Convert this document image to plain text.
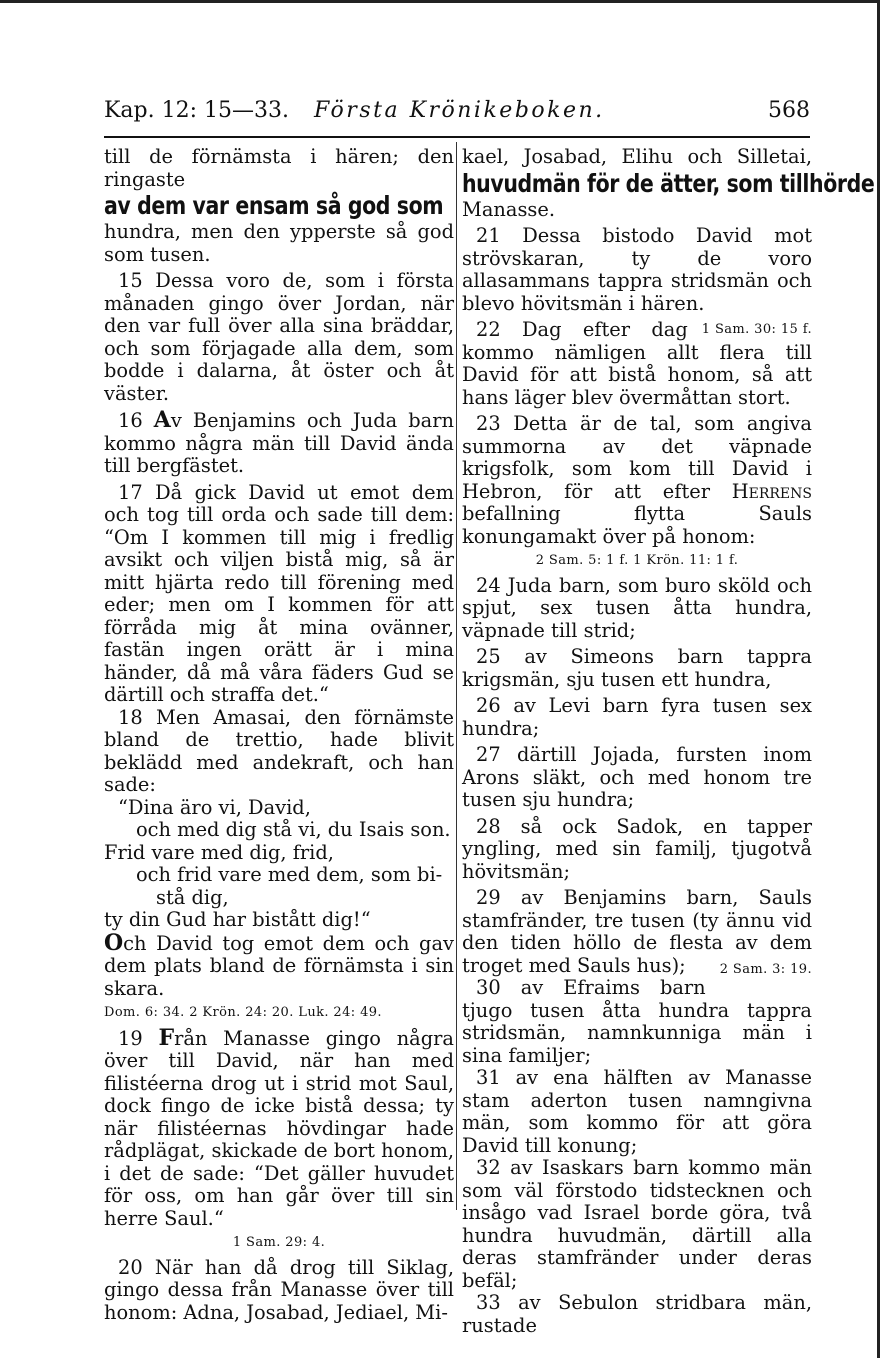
Kap. 12: 15—33. Första Krönikeboken.	568

till de förnämsta i hären; den ringaste

av dem var ensam så god som

hundra, men den ypperste så god som tusen.

15 Dessa voro de, som i första månaden gingo över Jordan, när den var full över alla sina bräddar, och som förjagade alla dem, som bodde i dalarna, åt öster och åt väster.

16 Av Benjamins och Juda barn kommo några män till David ända till bergfästet.

17 Då gick David ut emot dem och tog till orda och sade till dem: “Om I kommen till mig i fredlig avsikt och viljen bistå mig, så är mitt hjärta redo till förening med eder; men om I kommen för att förråda mig åt mina ovänner, fastän ingen orätt är i mina händer, då må våra fäders Gud se därtill och straffa det.“

18 Men Amasai, den förnämste bland de trettio, hade blivit beklädd med andekraft, och han sade:

“Dina äro vi, David,

och med dig stå vi, du Isais son.

Frid vare med dig, frid,

och frid vare med dem, som bi-

stå dig,

ty din Gud har bistått dig!“

Och David tog emot dem och gav dem plats bland de förnämsta i sin skara.

Dom. 6: 34. 2 Krön. 24: 20. Luk. 24: 49.

19 Från Manasse gingo några över till David, när han med filistéerna drog ut i strid mot Saul, dock fingo de icke bistå dessa; ty när filistéernas hövdingar hade rådplägat, skickade de bort honom, i det de sade: “Det gäller huvudet för oss, om han går över till sin herre Saul.“

1 Sam. 29: 4.

20 När han då drog till Siklag, gingo dessa från Manasse över till honom: Adna, Josabad, Jediael, Mi-

kael, Josabad, Elihu och Silletai,

huvudmän för de ätter, som tillhörde

Manasse.

21 Dessa bistodo David mot strövskaran, ty de voro allasammans tappra stridsmän och blevo hövitsmän i hären.
1 Sam. 30: 15 f.

22 Dag efter dag kommo nämligen allt flera till David för att bistå honom, så att hans läger blev övermåttan stort.

23 Detta är de tal, som angiva summorna av det väpnade krigsfolk, som kom till David i Hebron, för att efter Herrens befallning flytta Sauls konungamakt över på honom:

2 Sam. 5: 1 f. 1 Krön. 11: 1 f.

24 Juda barn, som buro sköld och spjut, sex tusen åtta hundra, väpnade till strid;

25 av Simeons barn tappra krigsmän, sju tusen ett hundra,

26 av Levi barn fyra tusen sex hundra;

27 därtill Jojada, fursten inom Arons släkt, och med honom tre tusen sju hundra;

28 så ock Sadok, en tapper yngling, med sin familj, tjugotvå hövitsmän;

29 av Benjamins barn, Sauls stamfränder, tre tusen (ty ännu vid den tiden höllo de flesta av dem troget med Sauls hus);	2 Sam. 3: 19.

30 av Efraims barn tjugo tusen åtta hundra tappra stridsmän, namnkunniga män i sina familjer;

31 av ena hälften av Manasse stam aderton tusen namngivna män, som kommo för att göra David till konung;

32 av Isaskars barn kommo män som väl förstodo tidstecknen och insågo vad Israel borde göra, två hundra huvudmän, därtill alla deras stamfränder under deras befäl;

33 av Sebulon stridbara män, rustade
